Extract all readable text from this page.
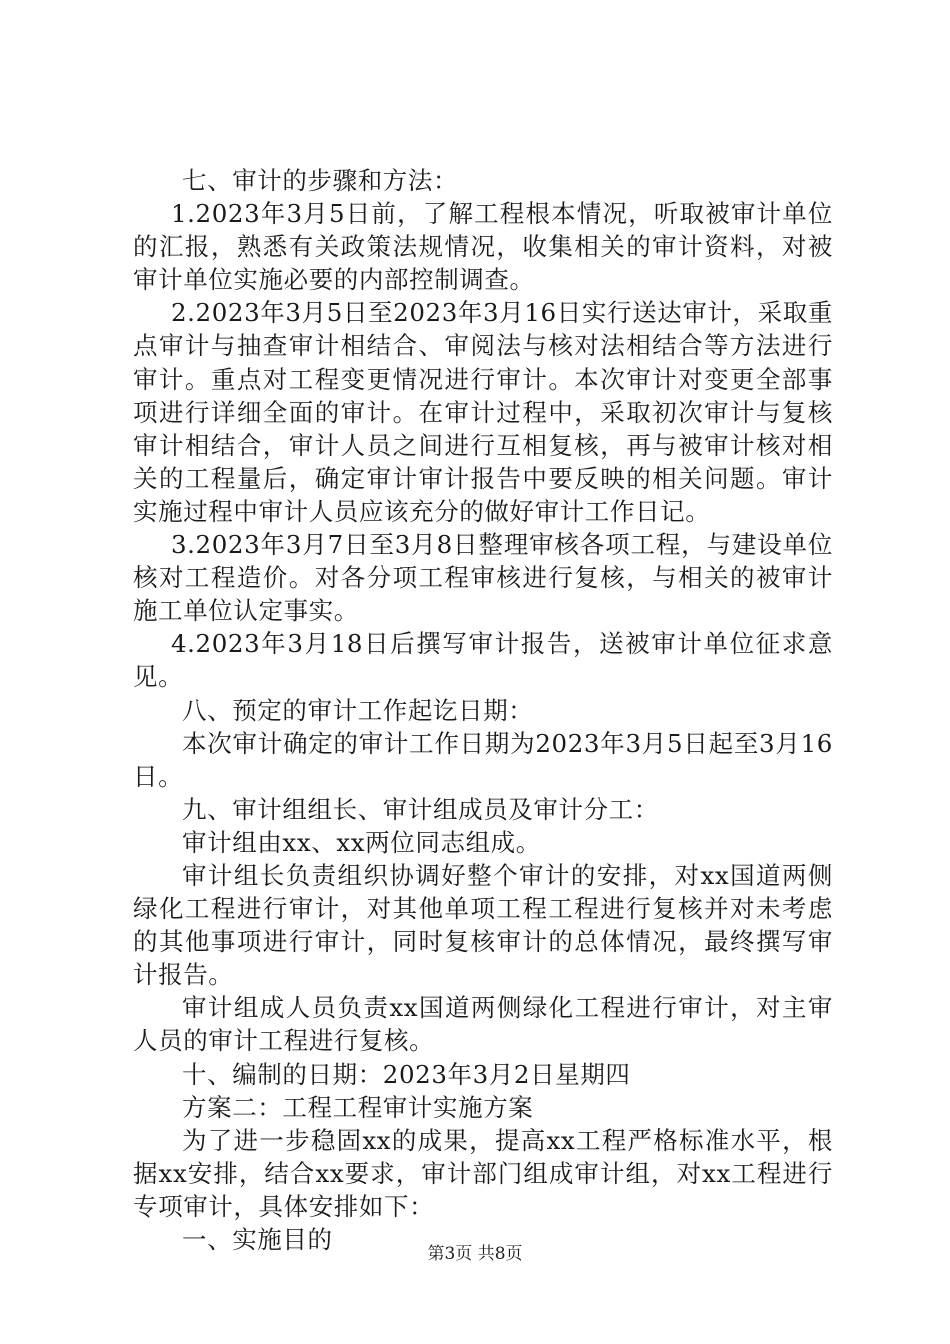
七、审计的步骤和方法：

1.2023年3月5日前，了解工程根本情况，听取被审计单位的汇报，熟悉有关政策法规情况，收集相关的审计资料，对被审计单位实施必要的内部控制调查。

2.2023年3月5日至2023年3月16日实行送达审计，采取重点审计与抽查审计相结合、审阅法与核对法相结合等方法进行审计。重点对工程变更情况进行审计。本次审计对变更全部事项进行详细全面的审计。在审计过程中，采取初次审计与复核审计相结合，审计人员之间进行互相复核，再与被审计核对相关的工程量后，确定审计审计报告中要反映的相关问题。审计实施过程中审计人员应该充分的做好审计工作日记。

3.2023年3月7日至3月8日整理审核各项工程，与建设单位核对工程造价。对各分项工程审核进行复核，与相关的被审计施工单位认定事实。

4.2023年3月18日后撰写审计报告，送被审计单位征求意见。

八、预定的审计工作起讫日期：

本次审计确定的审计工作日期为2023年3月5日起至3月16日。

九、审计组组长、审计组成员及审计分工：

审计组由xx、xx两位同志组成。

审计组长负责组织协调好整个审计的安排，对xx国道两侧绿化工程进行审计，对其他单项工程工程进行复核并对未考虑的其他事项进行审计，同时复核审计的总体情况，最终撰写审计报告。

审计组成人员负责xx国道两侧绿化工程进行审计，对主审人员的审计工程进行复核。

十、编制的日期：2023年3月2日星期四

方案二：工程工程审计实施方案

为了进一步稳固xx的成果，提高xx工程严格标准水平，根据xx安排，结合xx要求，审计部门组成审计组，对xx工程进行专项审计，具体安排如下：

一、实施目的	第3页 共8页
